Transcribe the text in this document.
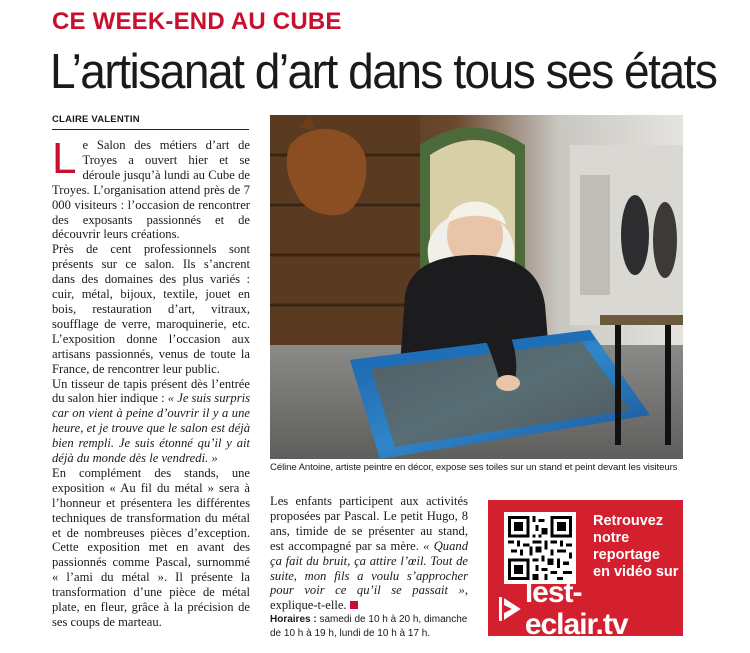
CE WEEK-END AU CUBE
L’artisanat d’art dans tous ses états
CLAIRE VALENTIN

Le Salon des métiers d’art de Troyes a ouvert hier et se déroule jusqu’à lundi au Cube de Troyes. L’organisation attend près de 7 000 visiteurs : l’occasion de rencontrer des exposants passionnés et de découvrir leurs créations.

Près de cent professionnels sont présents sur ce salon. Ils s’ancrent dans des domaines des plus variés : cuir, métal, bijoux, textile, jouet en bois, restauration d’art, vitraux, soufflage de verre, maroquinerie, etc. L’exposition donne l’occasion aux artisans passionnés, venus de toute la France, de rencontrer leur public.

Un tisseur de tapis présent dès l’entrée du salon hier indique : « Je suis surpris car on vient à peine d’ouvrir il y a une heure, et je trouve que le salon est déjà bien rempli. Je suis étonné qu’il y ait déjà du monde dès le vendredi. »

En complément des stands, une exposition « Au fil du métal » sera à l’honneur et présentera les différentes techniques de transformation du métal et de nombreuses pièces d’exception. Cette exposition met en avant des passionnés comme Pascal, surnommé « l’ami du métal ». Il présente la transformation d’une pièce de métal plate, en fleur, grâce à la précision de ses coups de marteau.

Céline Antoine, artiste peintre en décor, expose ses toiles sur un stand et peint devant les visiteurs

Les enfants participent aux activités proposées par Pascal. Le petit Hugo, 8 ans, timide de se présenter au stand, est accompagné par sa mère. « Quand ça fait du bruit, ça attire l’œil. Tout de suite, mon fils a voulu s’approcher pour voir ce qu’il se passait », explique-t-elle.

Horaires : samedi de 10 h à 20 h, dimanche de 10 h à 19 h, lundi de 10 h à 17 h.

Retrouvez
notre
reportage
en vidéo sur
lest-eclair.tv
